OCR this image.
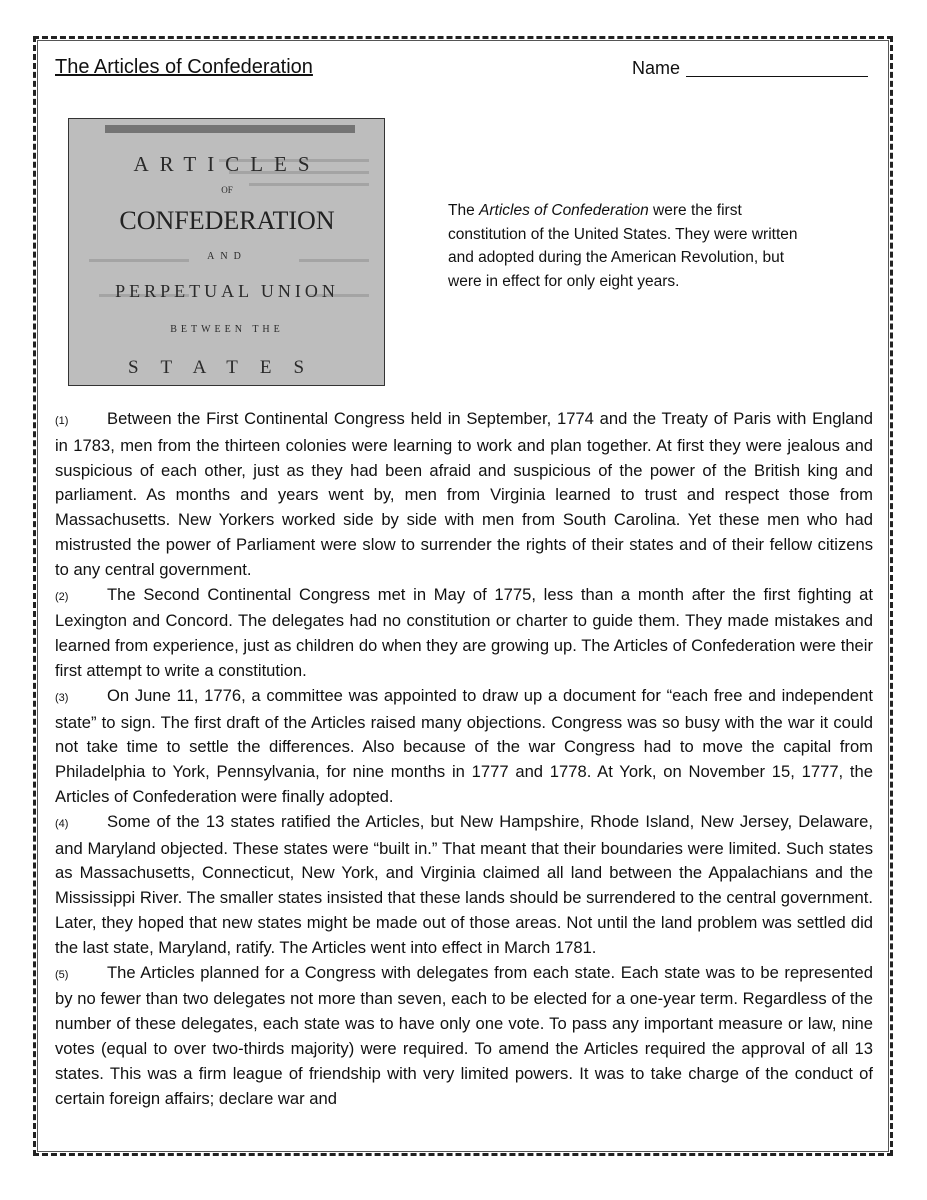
The Articles of Confederation	Name
ARTICLES
OF
CONFEDERATION
AND
PERPETUAL UNION
BETWEEN THE
STATES
The Articles of Confederation were the first constitution of the United States. They were written and adopted during the American Revolution, but were in effect for only eight years.

(1) Between the First Continental Congress held in September, 1774 and the Treaty of Paris with England in 1783, men from the thirteen colonies were learning to work and plan together. At first they were jealous and suspicious of each other, just as they had been afraid and suspicious of the power of the British king and parliament. As months and years went by, men from Virginia learned to trust and respect those from Massachusetts. New Yorkers worked side by side with men from South Carolina. Yet these men who had mistrusted the power of Parliament were slow to surrender the rights of their states and of their fellow citizens to any central government.

(2) The Second Continental Congress met in May of 1775, less than a month after the first fighting at Lexington and Concord. The delegates had no constitution or charter to guide them. They made mistakes and learned from experience, just as children do when they are growing up. The Articles of Confederation were their first attempt to write a constitution.

(3) On June 11, 1776, a committee was appointed to draw up a document for “each free and independent state” to sign. The first draft of the Articles raised many objections. Congress was so busy with the war it could not take time to settle the differences. Also because of the war Congress had to move the capital from Philadelphia to York, Pennsylvania, for nine months in 1777 and 1778. At York, on November 15, 1777, the Articles of Confederation were finally adopted.

(4) Some of the 13 states ratified the Articles, but New Hampshire, Rhode Island, New Jersey, Delaware, and Maryland objected. These states were “built in.” That meant that their boundaries were limited. Such states as Massachusetts, Connecticut, New York, and Virginia claimed all land between the Appalachians and the Mississippi River. The smaller states insisted that these lands should be surrendered to the central government. Later, they hoped that new states might be made out of those areas. Not until the land problem was settled did the last state, Maryland, ratify. The Articles went into effect in March 1781.

(5) The Articles planned for a Congress with delegates from each state. Each state was to be represented by no fewer than two delegates not more than seven, each to be elected for a one-year term. Regardless of the number of these delegates, each state was to have only one vote. To pass any important measure or law, nine votes (equal to over two-thirds majority) were required. To amend the Articles required the approval of all 13 states. This was a firm league of friendship with very limited powers. It was to take charge of the conduct of certain foreign affairs; declare war and
